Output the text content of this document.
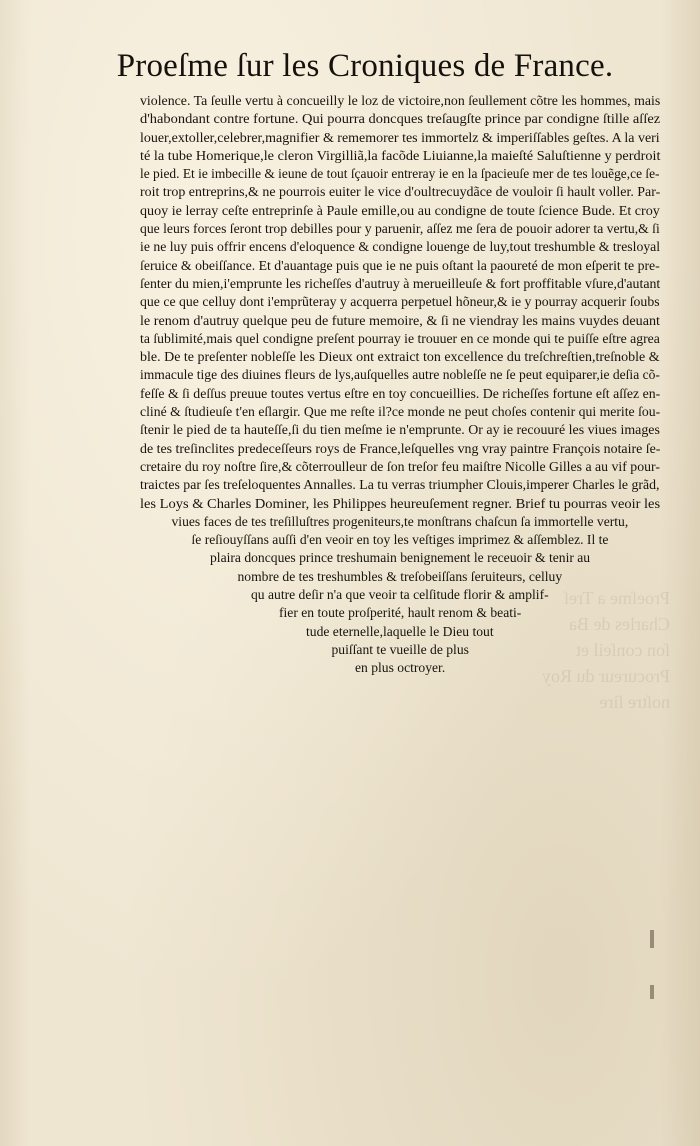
Proeſme a Treſ
Charles de Ba
ſon conſeil et
Procureur du Roy
noſtre ſire
Proeſme ſur les Croniques de France.
violence. Ta ſeulle vertu à concueilly le loz de victoire,non ſeullement cõtre les hommes, mais
d'habondant contre fortune. Qui pourra doncques treſaugſte prince par condigne ſtille aſſez
louer,extoller,celebrer,magnifier & rememorer tes immortelz & imperiſſables geſtes. A la veri
té la tube Homerique,le cleron Virgilliã,la facõde Liuianne,la maieſté Saluſtienne y perdroit
le pied. Et ie imbecille & ieune de tout ſçauoir entreray ie en la ſpacieuſe mer de tes louẽge,ce ſe-
roit trop entreprins,& ne pourrois euiter le vice d'oultrecuydãce de vouloir ſi hault voller. Par-
quoy ie lerray ceſte entreprinſe à Paule emille,ou au condigne de toute ſcience Bude. Et croy
que leurs forces ſeront trop debilles pour y paruenir, aſſez me ſera de pouoir adorer ta vertu,& ſi
ie ne luy puis offrir encens d'eloquence & condigne louenge de luy,tout treshumble & tresloyal
ſeruice & obeiſſance. Et d'auantage puis que ie ne puis oſtant la paoureté de mon eſperit te pre-
ſenter du mien,i'emprunte les richeſſes d'autruy à merueilleuſe & fort proffitable vſure,d'autant
que ce que celluy dont i'emprũteray y acquerra perpetuel hõneur,& ie y pourray acquerir ſoubs
le renom d'autruy quelque peu de future memoire, & ſi ne viendray les mains vuydes deuant
ta ſublimité,mais quel condigne preſent pourray ie trouuer en ce monde qui te puiſſe eſtre agrea
ble. De te preſenter nobleſſe les Dieux ont extraict ton excellence du treſchreſtien,treſnoble &
immacule tige des diuines fleurs de lys,auſquelles autre nobleſſe ne ſe peut equiparer,ie deſia cõ-
feſſe & ſi deſſus preuue toutes vertus eſtre en toy concueillies. De richeſſes fortune eſt aſſez en-
cliné & ſtudieuſe t'en eſlargir. Que me reſte il?ce monde ne peut choſes contenir qui merite ſou-
ſtenir le pied de ta hauteſſe,ſi du tien meſme ie n'emprunte. Or ay ie recouuré les viues images
de tes treſinclites predeceſſeurs roys de France,leſquelles vng vray paintre François notaire ſe-
cretaire du roy noſtre ſire,& cõterroulleur de ſon treſor feu maiſtre Nicolle Gilles a au vif pour-
traictes par ſes treſeloquentes Annalles. La tu verras triumpher Clouis,imperer Charles le grãd,
les Loys & Charles Dominer, les Philippes heureuſement regner. Brief tu pourras veoir les
viues faces de tes treſilluſtres progeniteurs,te monſtrans chaſcun ſa immortelle vertu,
ſe reſiouyſſans auſſi d'en veoir en toy les veſtiges imprimez & aſſemblez. Il te
plaira doncques prince treshumain benignement le receuoir & tenir au
nombre de tes treshumbles & treſobeiſſans ſeruiteurs, celluy
qu autre deſir n'a que veoir ta celſitude florir & amplif-
fier en toute proſperité, hault renom & beati-
tude eternelle,laquelle le Dieu tout
puiſſant te vueille de plus
en plus octroyer.
